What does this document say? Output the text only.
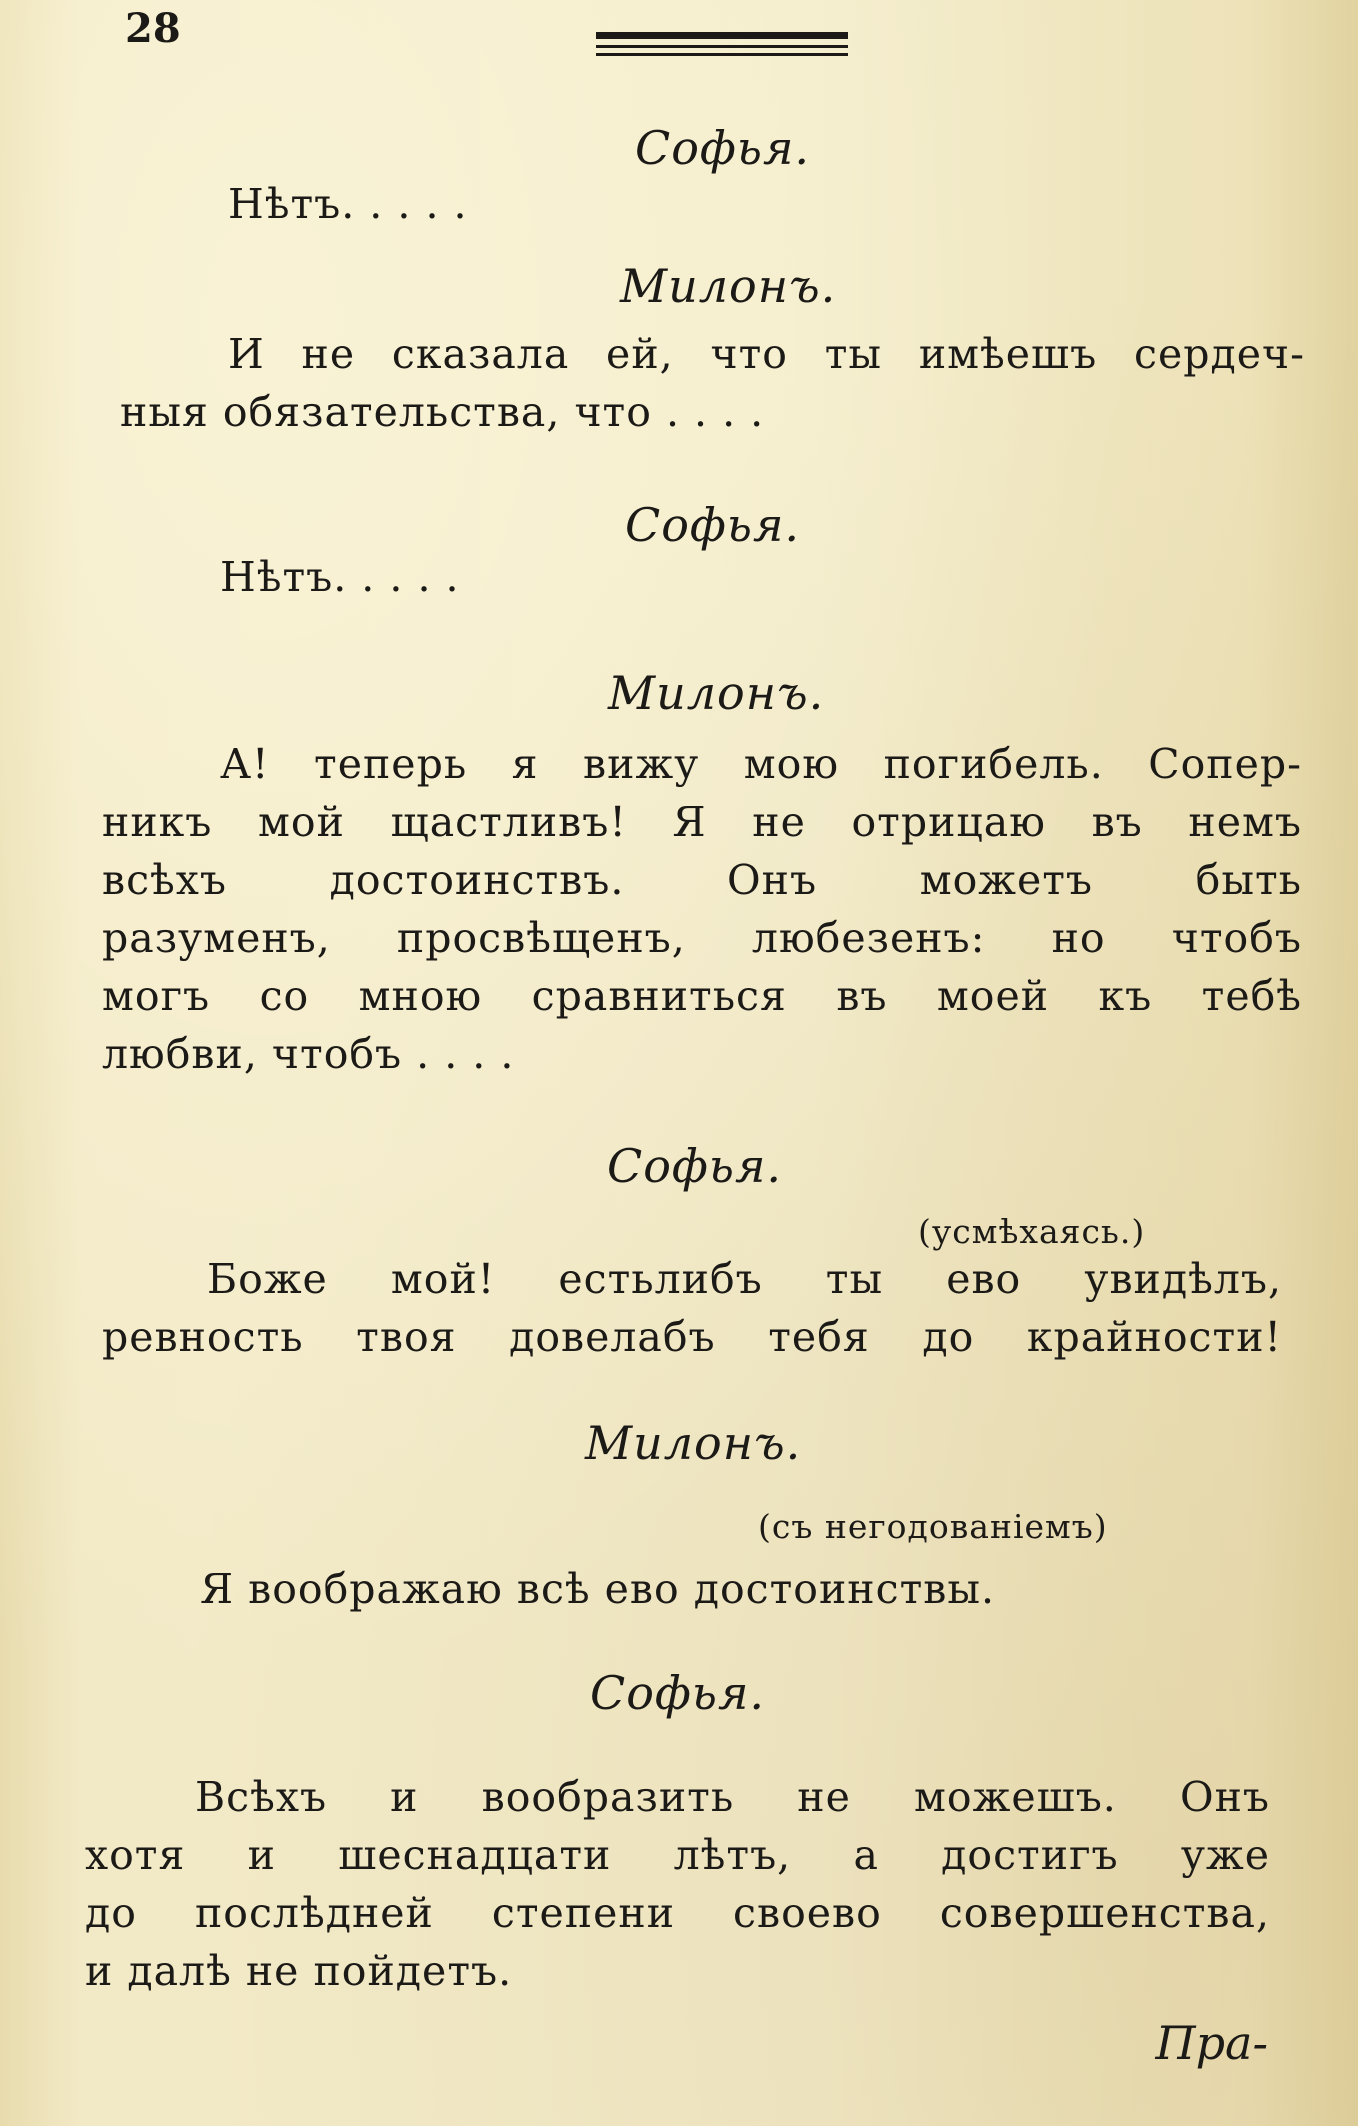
28
Софья.
Нѣтъ. . . . .
Милонъ.
И не сказала ей, что ты имѣешъ сердеч-
ныя обязательства, что . . . .
Софья.
Нѣтъ. . . . .
Милонъ.
А! теперь я вижу мою погибель. Сопер-
никъ мой щастливъ! Я не отрицаю въ немъ
всѣхъ достоинствъ. Онъ можетъ быть
разуменъ, просвѣщенъ, любезенъ: но чтобъ
могъ со мною сравниться въ моей къ тебѣ
любви, чтобъ . . . .
Софья.
(усмѣхаясь.)
Боже мой! естьлибъ ты ево увидѣлъ,
ревность твоя довелабъ тебя до крайности!
Милонъ.
(съ негодованiемъ)
Я воображаю всѣ ево достоинствы.
Софья.
Всѣхъ и вообразить не можешъ. Онъ
хотя и шеснадцати лѣтъ, а достигъ уже
до послѣдней степени своево совершенства,
и далѣ не пойдетъ.
Пра-
